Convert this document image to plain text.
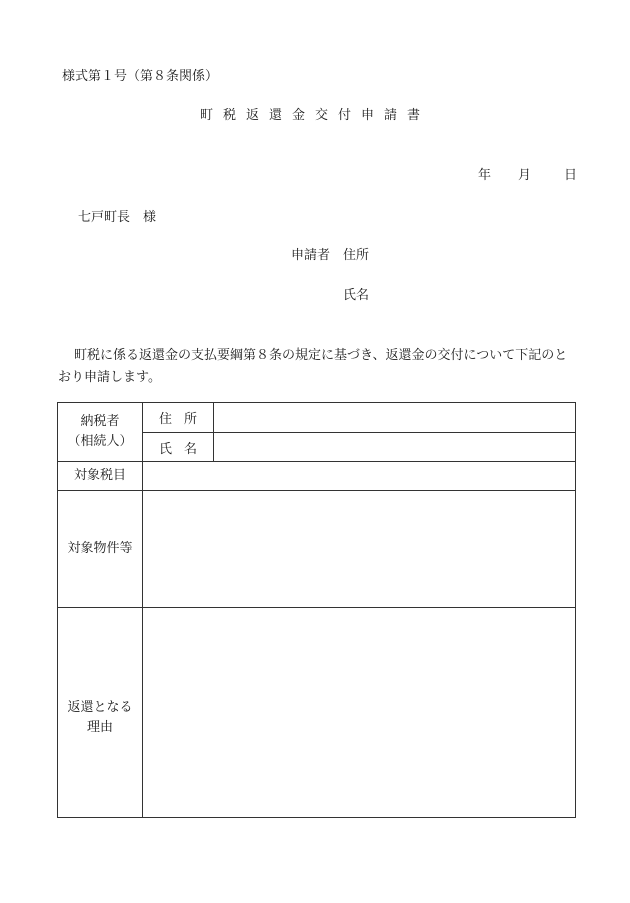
様式第１号（第８条関係）
町税返還金交付申請書
年 月	日
七戸町長　様
申請者　住所
氏名
町税に係る返還金の支払要綱第８条の規定に基づき、返還金の交付について下記のと
おり申請します。
納税者
（相続人）	住所	
	氏名	
対象税目		
対象物件等		

返還となる
理由		
